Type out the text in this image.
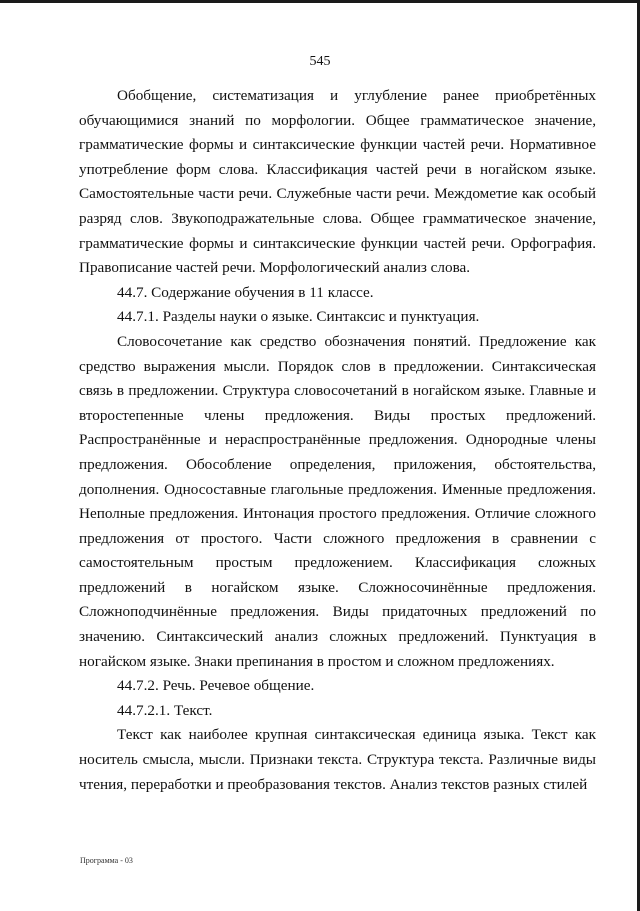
545

Обобщение, систематизация и углубление ранее приобретённых обучающимися знаний по морфологии. Общее грамматическое значение, грамматические формы и синтаксические функции частей речи. Нормативное употребление форм слова. Классификация частей речи в ногайском языке. Самостоятельные части речи. Служебные части речи. Междометие как особый разряд слов. Звукоподражательные слова. Общее грамматическое значение, грамматические формы и синтаксические функции частей речи. Орфография. Правописание частей речи. Морфологический анализ слова.

44.7. Содержание обучения в 11 классе.

44.7.1. Разделы науки о языке. Синтаксис и пунктуация.

Словосочетание как средство обозначения понятий. Предложение как средство выражения мысли. Порядок слов в предложении. Синтаксическая связь в предложении. Структура словосочетаний в ногайском языке. Главные и второстепенные члены предложения. Виды простых предложений. Распространённые и нераспространённые предложения. Однородные члены предложения. Обособление определения, приложения, обстоятельства, дополнения. Односоставные глагольные предложения. Именные предложения. Неполные предложения. Интонация простого предложения. Отличие сложного предложения от простого. Части сложного предложения в сравнении с самостоятельным простым предложением. Классификация сложных предложений в ногайском языке. Сложносочинённые предложения. Сложноподчинённые предложения. Виды придаточных предложений по значению. Синтаксический анализ сложных предложений. Пунктуация в ногайском языке. Знаки препинания в простом и сложном предложениях.

44.7.2. Речь. Речевое общение.

44.7.2.1. Текст.

Текст как наиболее крупная синтаксическая единица языка. Текст как носитель смысла, мысли. Признаки текста. Структура текста. Различные виды чтения, переработки и преобразования текстов. Анализ текстов разных стилей

Программа - 03
